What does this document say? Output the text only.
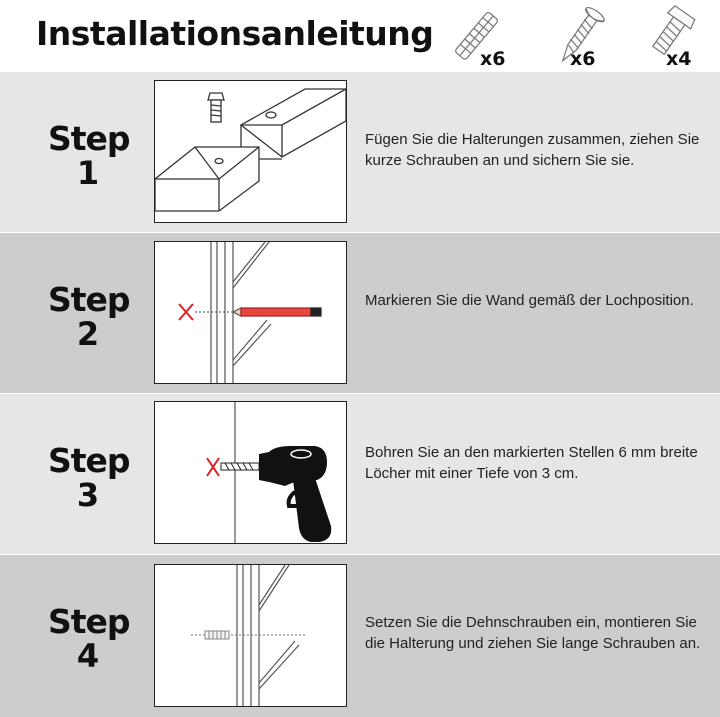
Installationsanleitung
x6	x6	x4
Step
1
Fügen Sie die Halterungen zusammen, ziehen Sie kurze Schrauben an und sichern Sie sie.
Step
2
Markieren Sie die Wand gemäß der Lochposition.
Step
3
Bohren Sie an den markierten Stellen 6 mm breite Löcher mit einer Tiefe von 3 cm.
Step
4
Setzen Sie die Dehnschrauben ein, montieren Sie die Halterung und ziehen Sie lange Schrauben an.
